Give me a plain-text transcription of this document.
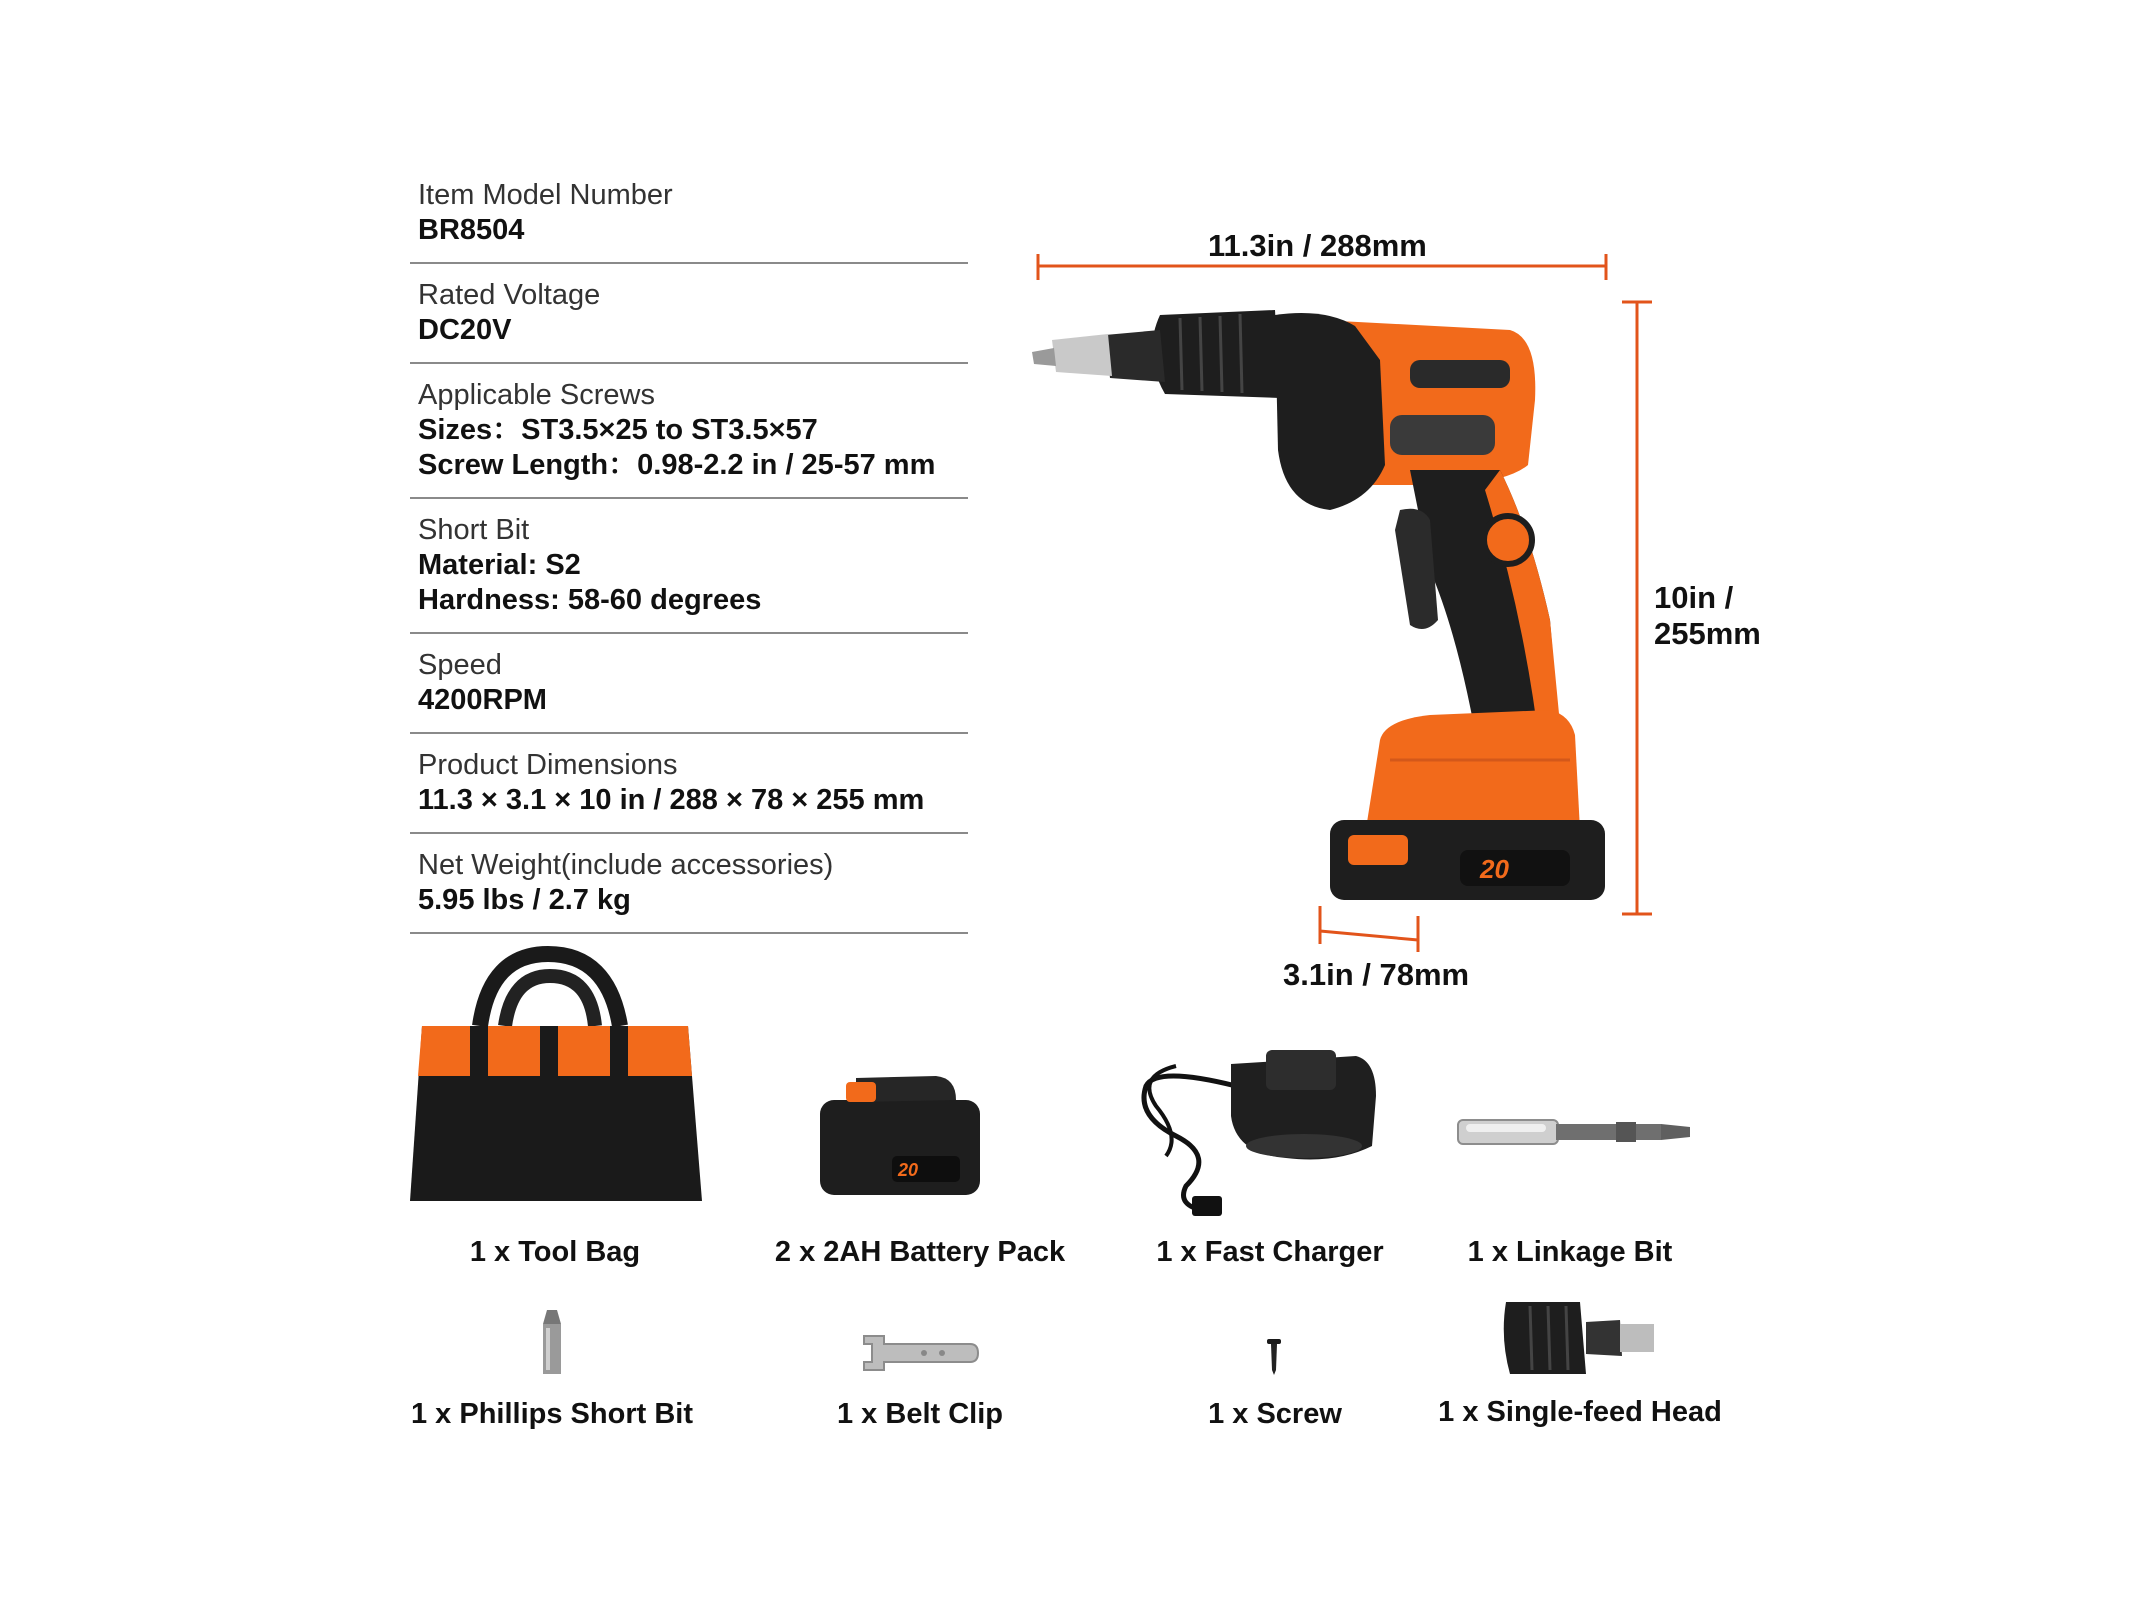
Item Model Number
BR8504
Rated Voltage
DC20V
Applicable Screws
Sizes：ST3.5×25 to ST3.5×57
Screw Length：0.98-2.2 in / 25-57 mm
Short Bit
Material: S2
Hardness: 58-60 degrees
Speed
4200RPM
Product Dimensions
11.3 × 3.1 × 10 in / 288 × 78 × 255 mm
Net Weight(include accessories)
5.95 lbs / 2.7 kg
11.3in / 288mm
10in /
255mm
3.1in / 78mm
20
20
1 x Tool Bag	2 x 2AH Battery Pack	1 x Fast Charger	1 x Linkage Bit
1 x Phillips Short Bit	1 x Belt Clip	1 x Screw	1 x Single-feed Head
